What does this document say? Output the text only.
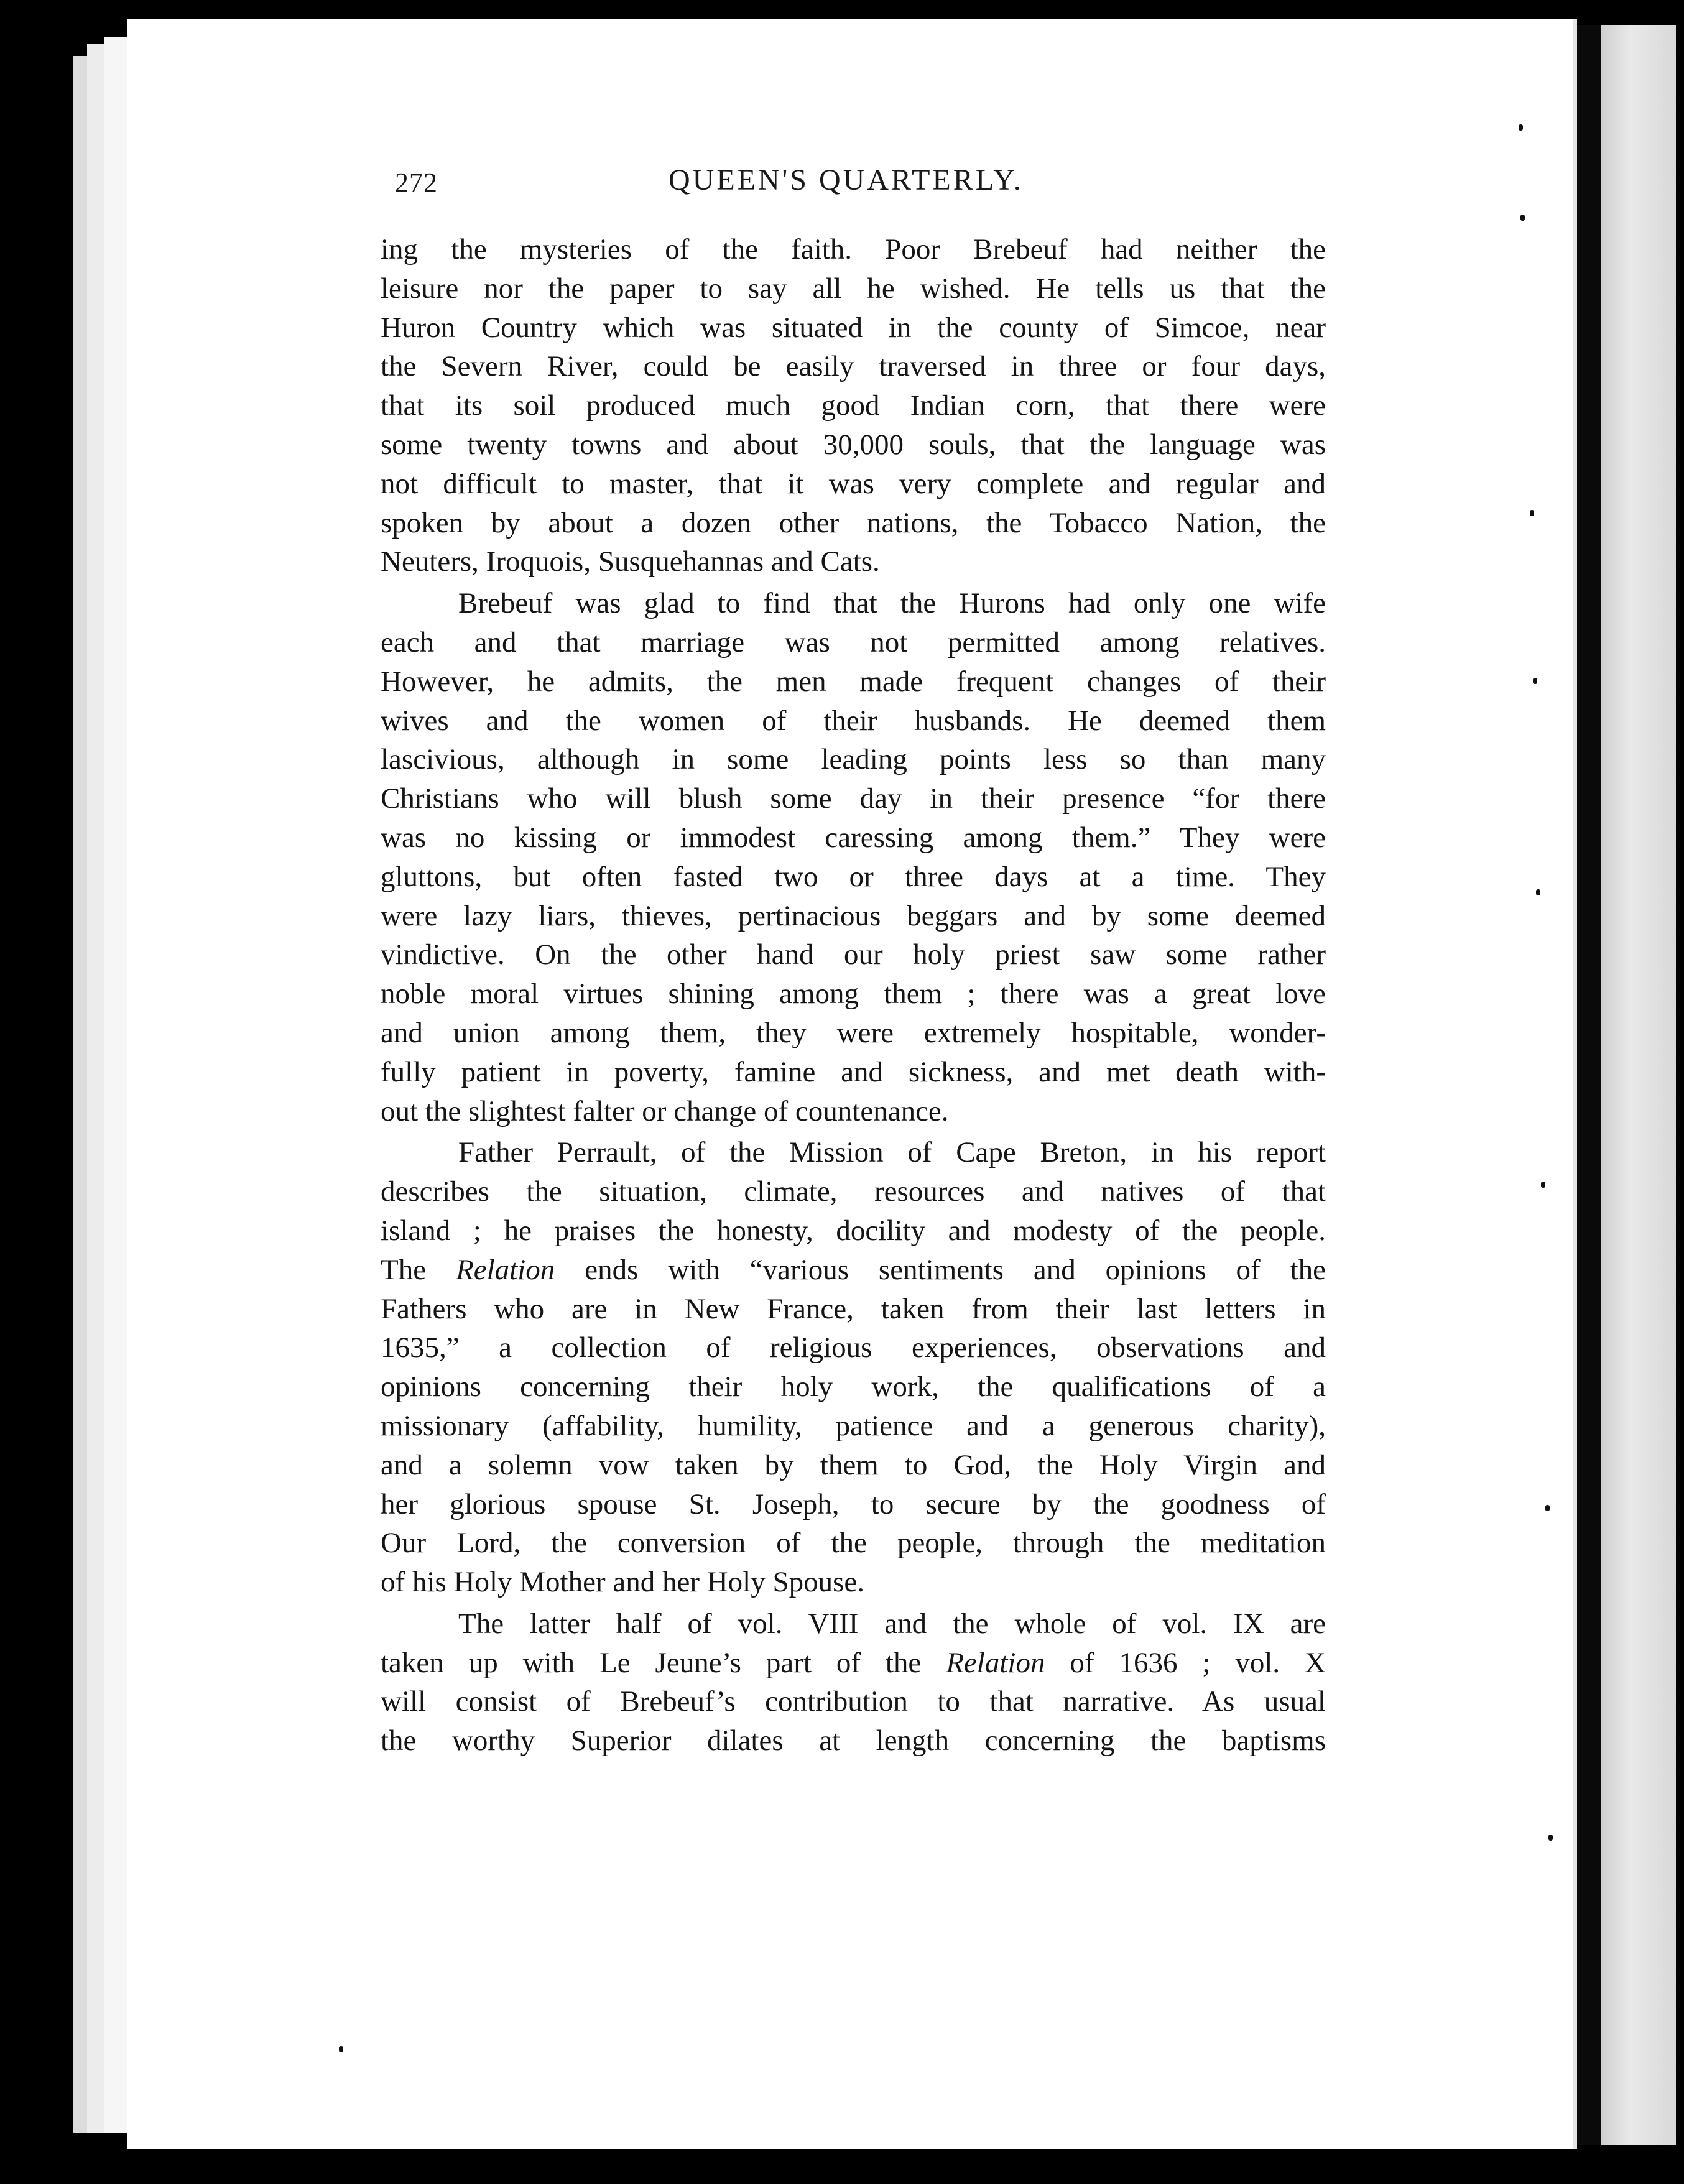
272	QUEEN'S QUARTERLY.

ing the mysteries of the faith. Poor Brebeuf had neither the

leisure nor the paper to say all he wished. He tells us that the

Huron Country which was situated in the county of Simcoe, near

the Severn River, could be easily traversed in three or four days,

that its soil produced much good Indian corn, that there were

some twenty towns and about 30,000 souls, that the language was

not difficult to master, that it was very complete and regular and

spoken by about a dozen other nations, the Tobacco Nation, the

Neuters, Iroquois, Susquehannas and Cats.

Brebeuf was glad to find that the Hurons had only one wife

each and that marriage was not permitted among relatives.

However, he admits, the men made frequent changes of their

wives and the women of their husbands. He deemed them

lascivious, although in some leading points less so than many

Christians who will blush some day in their presence “for there

was no kissing or immodest caressing among them.” They were

gluttons, but often fasted two or three days at a time. They

were lazy liars, thieves, pertinacious beggars and by some deemed

vindictive. On the other hand our holy priest saw some rather

noble moral virtues shining among them ; there was a great love

and union among them, they were extremely hospitable, wonder-

fully patient in poverty, famine and sickness, and met death with-

out the slightest falter or change of countenance.

Father Perrault, of the Mission of Cape Breton, in his report

describes the situation, climate, resources and natives of that

island ; he praises the honesty, docility and modesty of the people.

The Relation ends with “various sentiments and opinions of the

Fathers who are in New France, taken from their last letters in

1635,” a collection of religious experiences, observations and

opinions concerning their holy work, the qualifications of a

missionary (affability, humility, patience and a generous charity),

and a solemn vow taken by them to God, the Holy Virgin and

her glorious spouse St. Joseph, to secure by the goodness of

Our Lord, the conversion of the people, through the meditation

of his Holy Mother and her Holy Spouse.

The latter half of vol. VIII and the whole of vol. IX are

taken up with Le Jeune’s part of the Relation of 1636 ; vol. X

will consist of Brebeuf’s contribution to that narrative. As usual

the worthy Superior dilates at length concerning the baptisms
